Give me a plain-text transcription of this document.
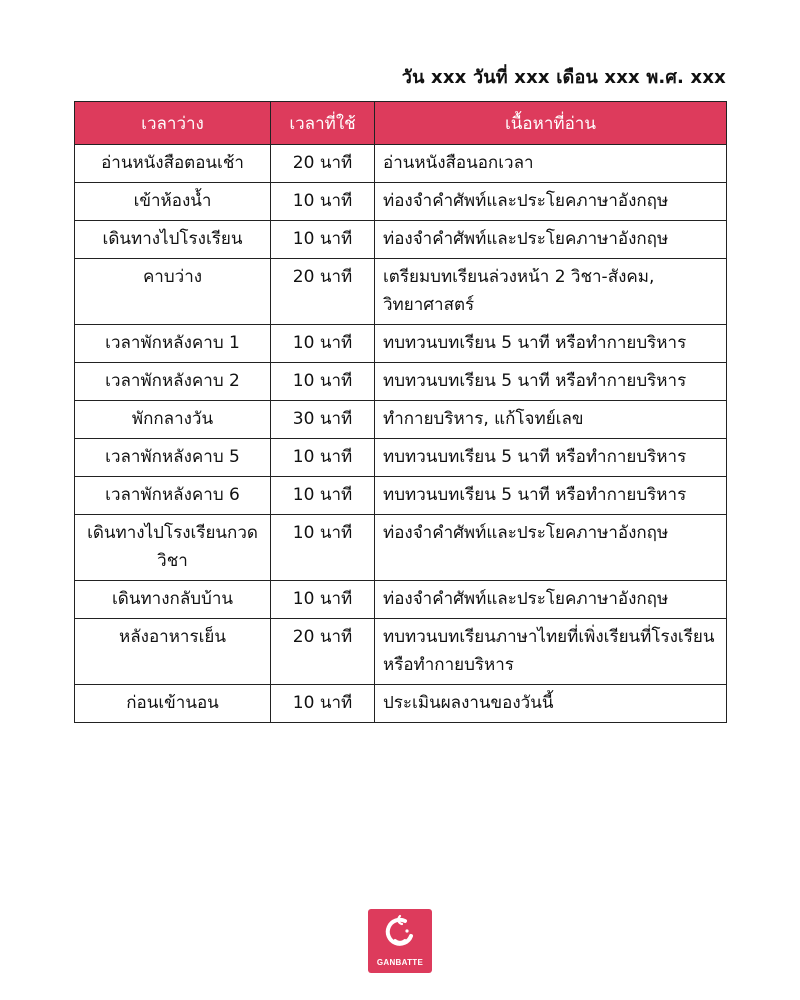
วัน xxx วันที่ xxx เดือน xxx พ.ศ. xxx
เวลาว่าง	เวลาที่ใช้	เนื้อหาที่อ่าน
อ่านหนังสือตอนเช้า	20 นาที	อ่านหนังสือนอกเวลา
เข้าห้องน้ำ	10 นาที	ท่องจำคำศัพท์และประโยคภาษาอังกฤษ
เดินทางไปโรงเรียน	10 นาที	ท่องจำคำศัพท์และประโยคภาษาอังกฤษ
คาบว่าง	20 นาที	เตรียมบทเรียนล่วงหน้า 2 วิชา-สังคม, วิทยาศาสตร์
เวลาพักหลังคาบ 1	10 นาที	ทบทวนบทเรียน 5 นาที หรือทำกายบริหาร
เวลาพักหลังคาบ 2	10 นาที	ทบทวนบทเรียน 5 นาที หรือทำกายบริหาร
พักกลางวัน	30 นาที	ทำกายบริหาร, แก้โจทย์เลข
เวลาพักหลังคาบ 5	10 นาที	ทบทวนบทเรียน 5 นาที หรือทำกายบริหาร
เวลาพักหลังคาบ 6	10 นาที	ทบทวนบทเรียน 5 นาที หรือทำกายบริหาร
เดินทางไปโรงเรียนกวดวิชา	10 นาที	ท่องจำคำศัพท์และประโยคภาษาอังกฤษ
เดินทางกลับบ้าน	10 นาที	ท่องจำคำศัพท์และประโยคภาษาอังกฤษ
หลังอาหารเย็น	20 นาที	ทบทวนบทเรียนภาษาไทยที่เพิ่งเรียนที่โรงเรียน หรือทำกายบริหาร
ก่อนเข้านอน	10 นาที	ประเมินผลงานของวันนี้
GANBATTE
